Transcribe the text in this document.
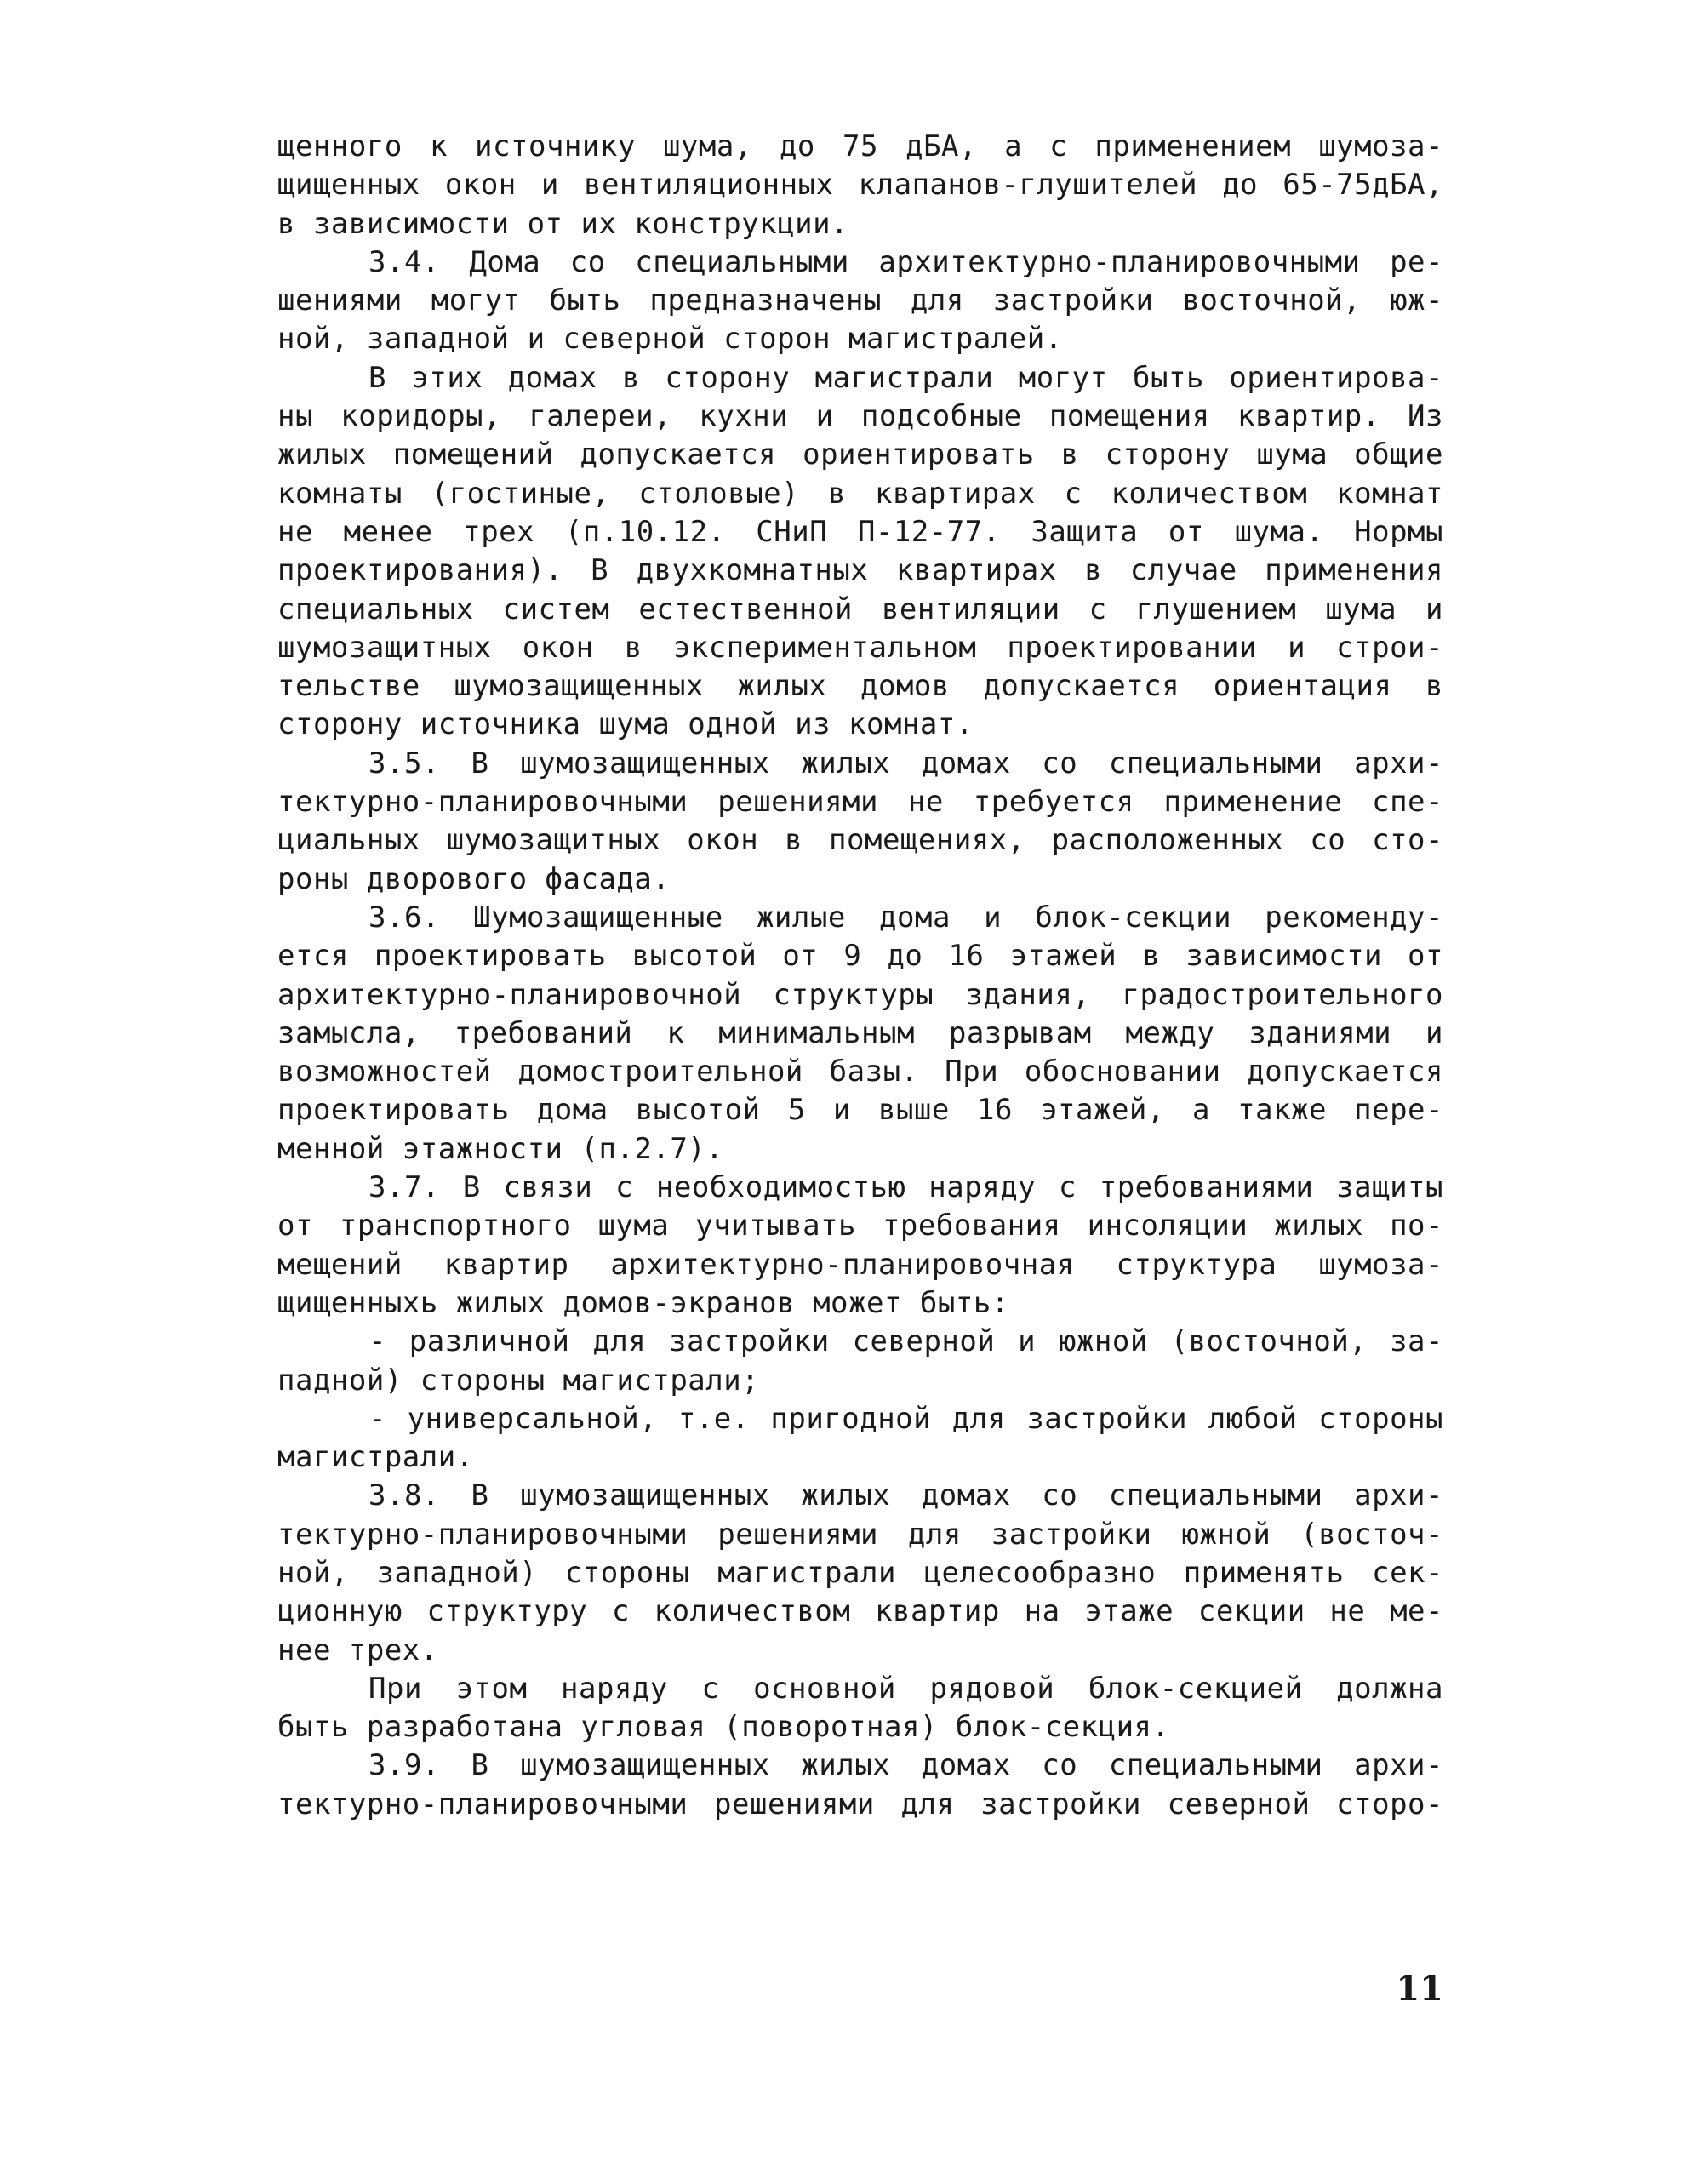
щенного к источнику шума, до 75 дБА, а с применением шумоза-
щищенных окон и вентиляционных клапанов-глушителей до 65-75дБА,
в зависимости от их конструкции.
3.4. Дома со специальными архитектурно-планировочными ре-
шениями могут быть предназначены для застройки восточной, юж-
ной, западной и северной сторон магистралей.
В этих домах в сторону магистрали могут быть ориентирова-
ны коридоры, галереи, кухни и подсобные помещения квартир. Из
жилых помещений допускается ориентировать в сторону шума общие
комнаты (гостиные, столовые) в квартирах с количеством комнат
не менее трех (п.10.12. СНиП П-12-77. Защита от шума. Нормы
проектирования). В двухкомнатных квартирах в случае применения
специальных систем естественной вентиляции с глушением шума и
шумозащитных окон в экспериментальном проектировании и строи-
тельстве шумозащищенных жилых домов допускается ориентация в
сторону источника шума одной из комнат.
3.5. В шумозащищенных жилых домах со специальными архи-
тектурно-планировочными решениями не требуется применение спе-
циальных шумозащитных окон в помещениях, расположенных со сто-
роны дворового фасада.
3.6. Шумозащищенные жилые дома и блок-секции рекоменду-
ется проектировать высотой от 9 до 16 этажей в зависимости от
архитектурно-планировочной структуры здания, градостроительного
замысла, требований к минимальным разрывам между зданиями и
возможностей домостроительной базы. При обосновании допускается
проектировать дома высотой 5 и выше 16 этажей, а также пере-
менной этажности (п.2.7).
3.7. В связи с необходимостью наряду с требованиями защиты
от транспортного шума учитывать требования инсоляции жилых по-
мещений квартир архитектурно-планировочная структура шумоза-
щищенныхь жилых домов-экранов может быть:
- различной для застройки северной и южной (восточной, за-
падной) стороны магистрали;
- универсальной, т.е. пригодной для застройки любой стороны
магистрали.
3.8. В шумозащищенных жилых домах со специальными архи-
тектурно-планировочными решениями для застройки южной (восточ-
ной, западной) стороны магистрали целесообразно применять сек-
ционную структуру с количеством квартир на этаже секции не ме-
нее трех.
При этом наряду с основной рядовой блок-секцией должна
быть разработана угловая (поворотная) блок-секция.
3.9. В шумозащищенных жилых домах со специальными архи-
тектурно-планировочными решениями для застройки северной сторо-
11
